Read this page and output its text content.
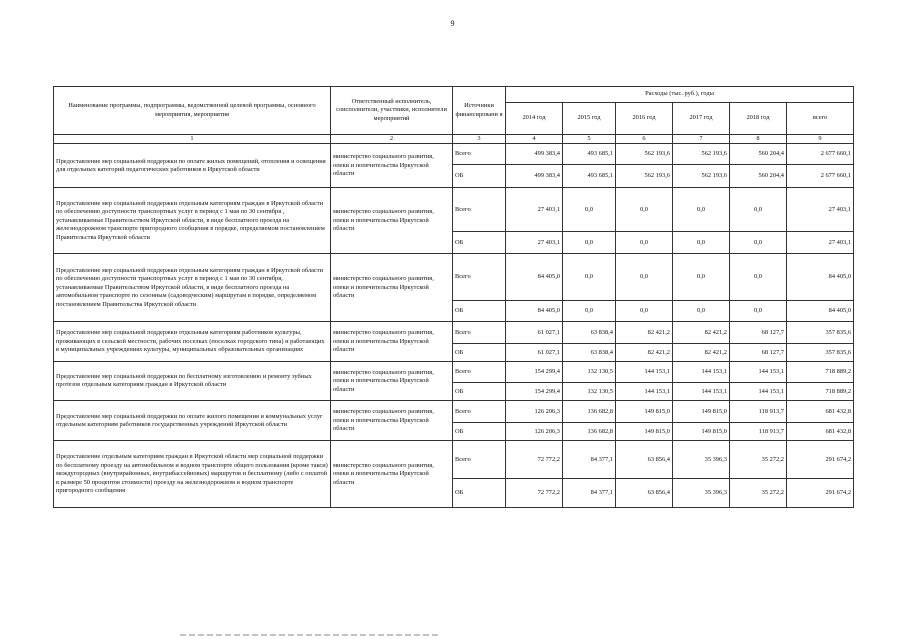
9
Наименование программы, подпрограммы, ведомственной целевой программы, основного мероприятия, мероприятия	Ответственный исполнитель, соисполнители, участники, исполнители мероприятий	Источники финансировани я	Расходы (тыс. руб.), годы					
			2014 год	2015 год	2016 год	2017 год	2018 год	всего
1	2	3	4	5	6	7	8	9
Предоставление мер социальной поддержки по оплате жилых помещений, отопления и освещения для отдельных категорий педагогических работников в Иркутской области	министерство социального развития, опеки и попечительства Иркутской области	Всего	499 383,4	493 685,1	562 193,6	562 193,6	560 204,4	2 677 660,1
		ОБ	499 383,4	493 685,1	562 193,6	562 193,6	560 204,4	2 677 660,1
Предоставление мер социальной поддержки отдельным категориям граждан в Иркутской области по обеспечению доступности транспортных услуг в период с 1 мая по 30 сентября , устанавливаемые Правительством Иркутской области, в виде бесплатного проезда на железнодорожном транспорте пригородного сообщения в порядке, определяемом постановлением Правительства Иркутской области	министерство социального развития, опеки и попечительства Иркутской области	Всего	27 403,1	0,0	0,0	0,0	0,0	27 403,1
		ОБ	27 403,1	0,0	0,0	0,0	0,0	27 403,1
Предоставление мер социальной поддержки отдельным категориям граждан в Иркутской области по обеспечению доступности транспортных услуг в период с 1 мая по 30 сентября, устанавливаемые Правительством Иркутской области, в виде бесплатного проезда на автомобильном транспорте по сезонным (садоводческим) маршрутам в порядке, определяемом постановлением Правительства Иркутской области	министерство социального развития, опеки и попечительства Иркутской области	Всего	84 405,0	0,0	0,0	0,0	0,0	84 405,0
		ОБ	84 405,0	0,0	0,0	0,0	0,0	84 405,0
Предоставление мер социальной поддержки отдельным категориям работников культуры, проживающих в сельской местности, рабочих поселках (поселках городского типа) и работающих в муниципальных учреждениях культуры, муниципальных образовательных организациях	министерство социального развития, опеки и попечительства Иркутской области	Всего	61 027,1	63 838,4	82 421,2	82 421,2	68 127,7	357 835,6
		ОБ	61 027,1	63 838,4	82 421,2	82 421,2	68 127,7	357 835,6
Предоставление мер социальной поддержки по бесплатному изготовлению и ремонту зубных протезов отдельным категориям граждан в Иркутской области	министерство социального развития, опеки и попечительства Иркутской области	Всего	154 299,4	132 130,5	144 153,1	144 153,1	144 153,1	718 889,2
		ОБ	154 299,4	132 130,5	144 153,1	144 153,1	144 153,1	718 889,2
Предоставление мер социальной поддержки по оплате жилого помещения и коммунальных услуг отдельным категориям работников государственных учреждений Иркутской области	министерство социального развития, опеки и попечительства Иркутской области	Всего	126 206,3	136 682,8	149 815,0	149 815,0	118 913,7	681 432,8
		ОБ	126 206,3	136 682,8	149 815,0	149 815,0	118 913,7	681 432,8
Предоставление отдельным категориям граждан в Иркутской области мер социальной поддержки по бесплатному проезду на автомобильном и водном транспорте общего пользования (кроме такси) междугородных (внутрирайонных, внутрибассейновых) маршрутов и бесплатному (либо с оплатой в размере 50 процентов стоимости) проезду на железнодорожном и водном транспорте пригородного сообщения	министерство социального развития, опеки и попечительства Иркутской области	Всего	72 772,2	84 377,1	63 856,4	35 396,3	35 272,2	291 674,2
		ОБ	72 772,2	84 377,1	63 856,4	35 396,3	35 272,2	291 674,2
